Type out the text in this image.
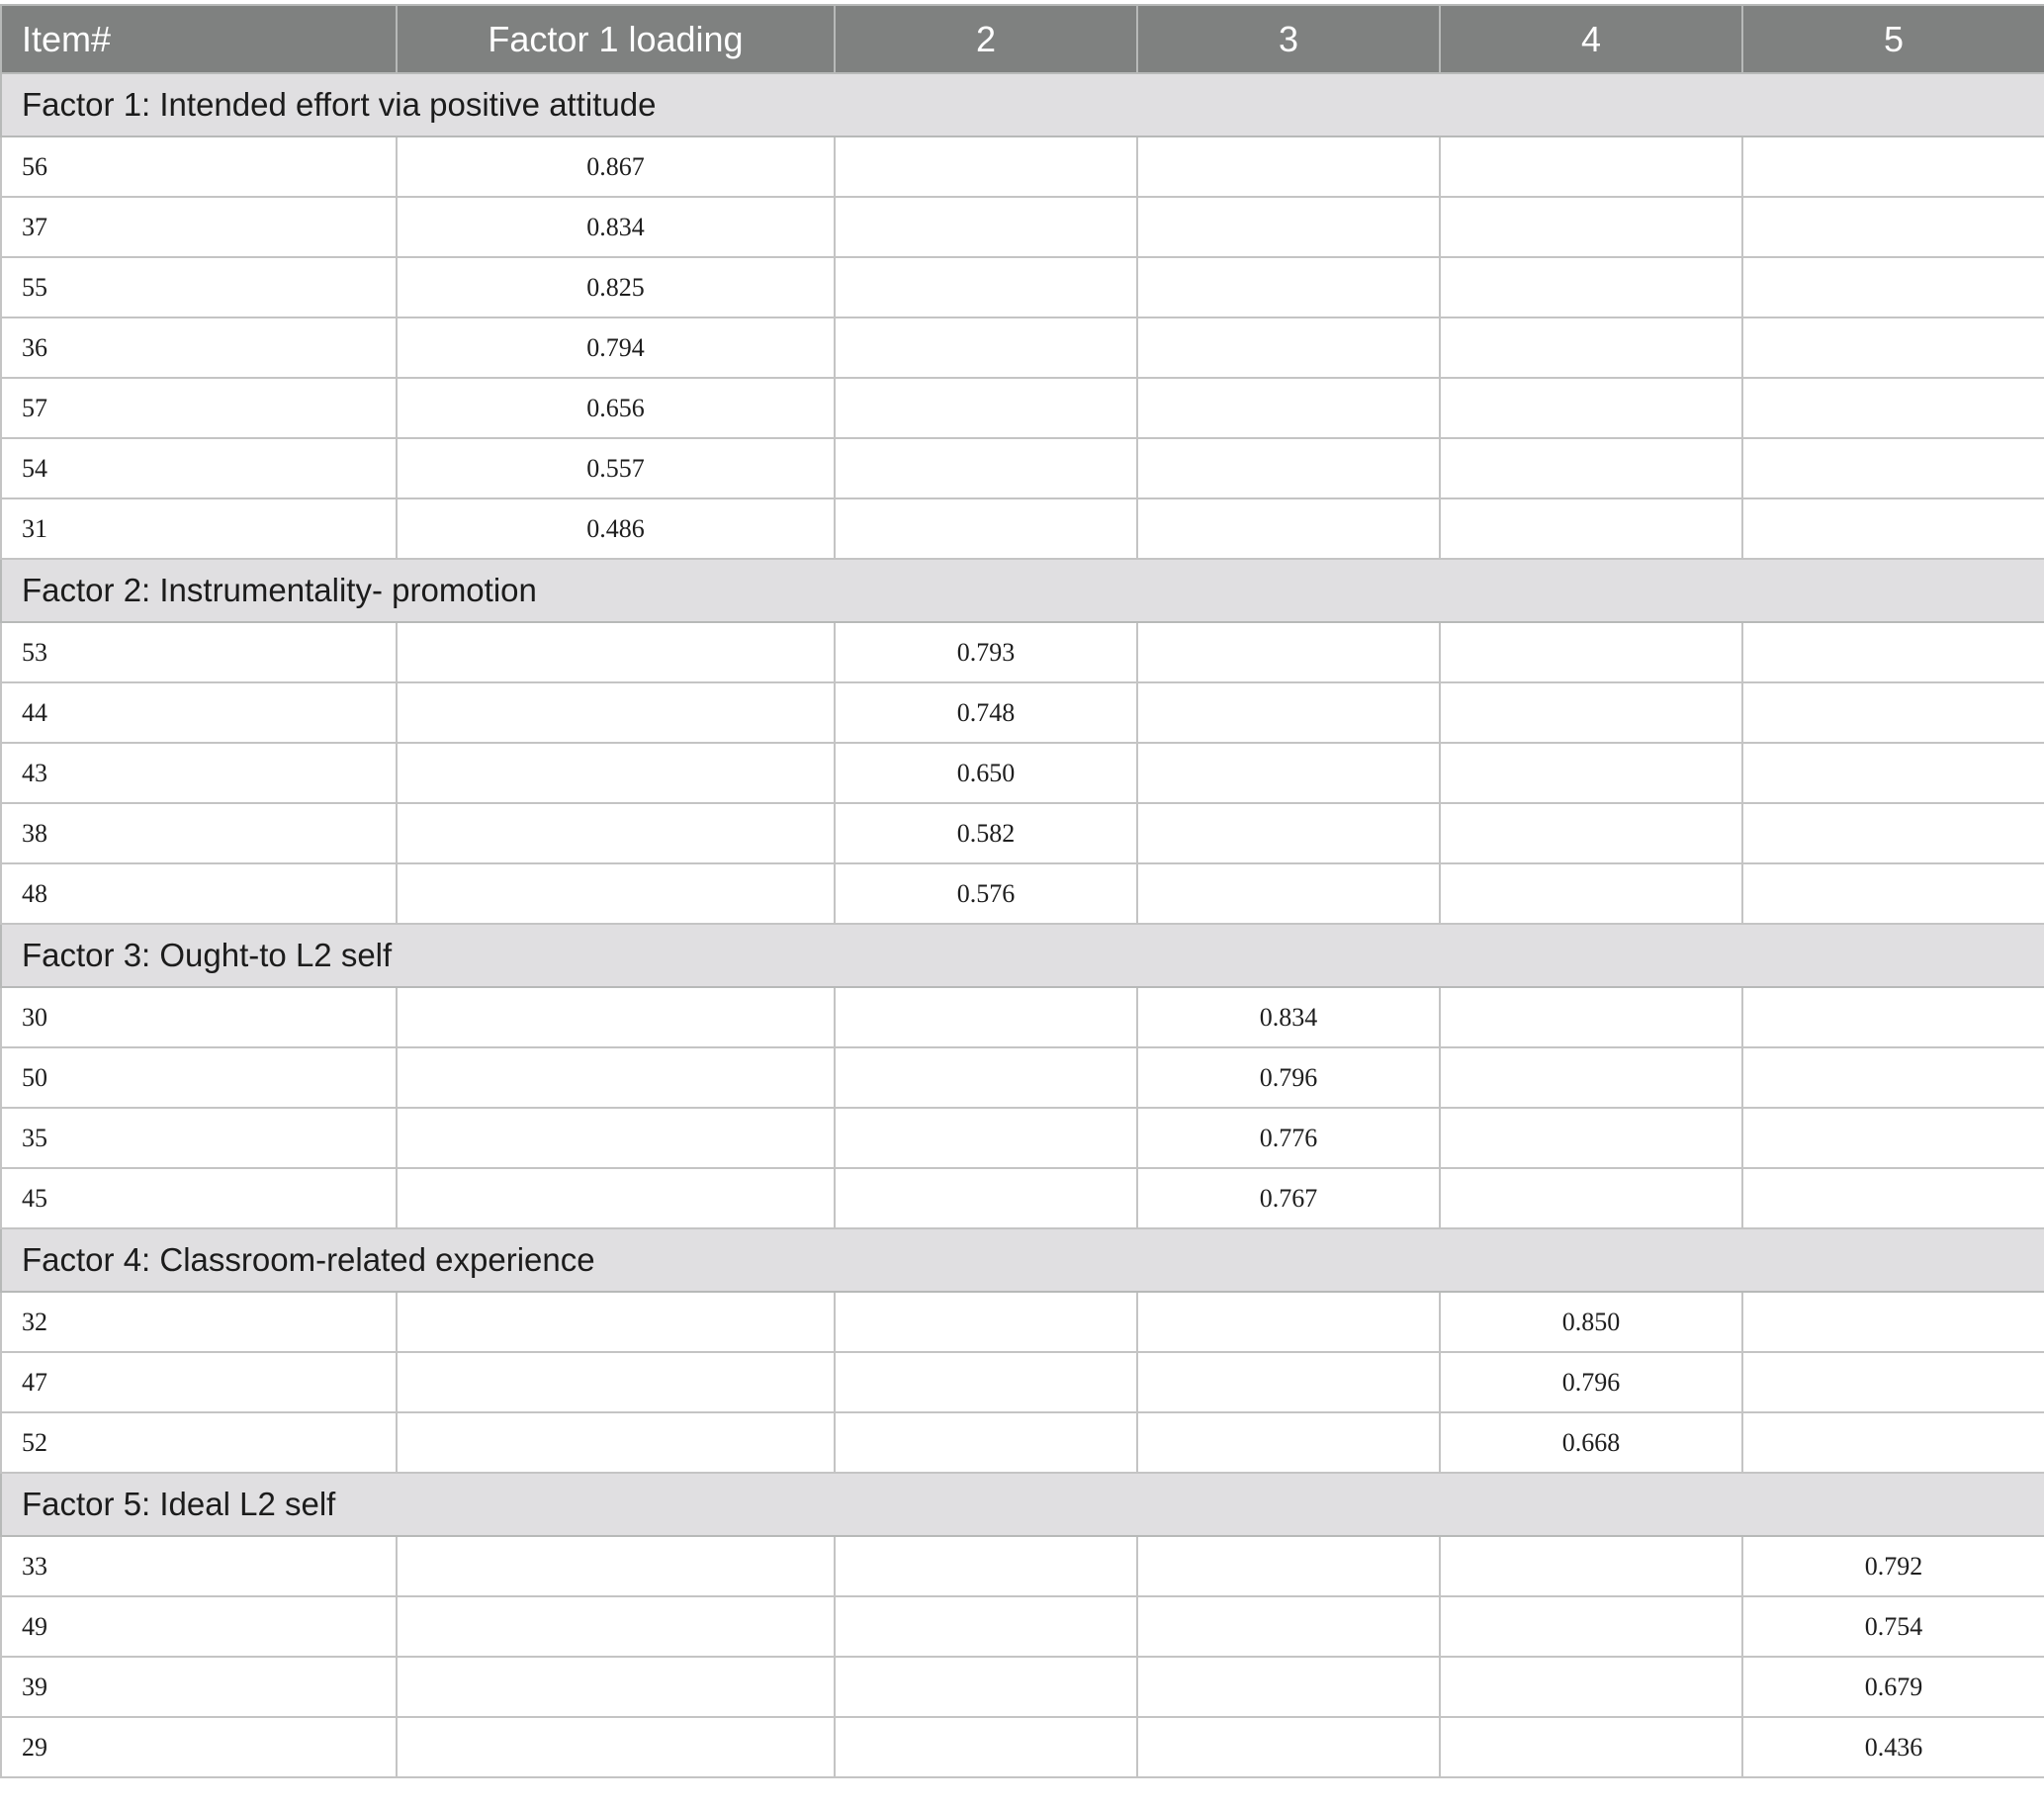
Item#	Factor 1 loading	2	3	4	5
Factor 1: Intended effort via positive attitude					
56	0.867				
37	0.834				
55	0.825				
36	0.794				
57	0.656				
54	0.557				
31	0.486				
Factor 2: Instrumentality- promotion					
53		0.793			
44		0.748			
43		0.650			
38		0.582			
48		0.576			
Factor 3: Ought-to L2 self					
30			0.834		
50			0.796		
35			0.776		
45			0.767		
Factor 4: Classroom-related experience					
32				0.850	
47				0.796	
52				0.668	
Factor 5: Ideal L2 self					
33					0.792
49					0.754
39					0.679
29					0.436
